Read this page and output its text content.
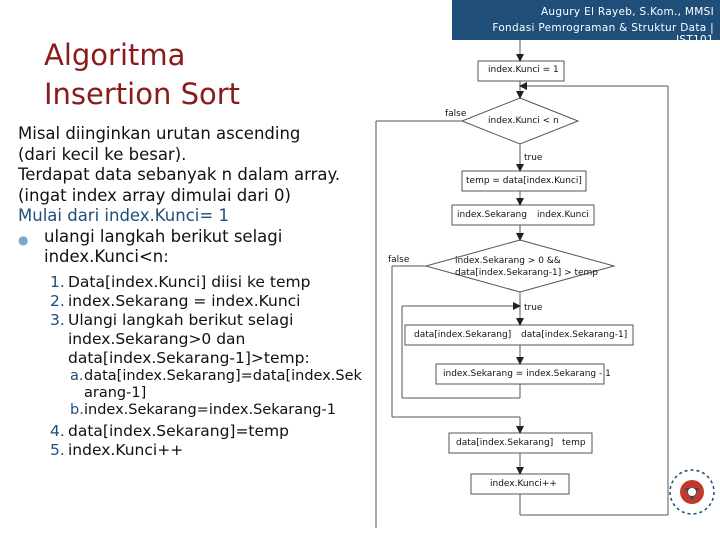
Augury El Rayeb, S.Kom., MMSI
Fondasi Pemrograman & Struktur Data | IST101
Algoritma
Insertion Sort
Misal diinginkan urutan ascending
(dari kecil ke besar).
Terdapat data sebanyak n dalam array.
(ingat index array dimulai dari 0)
Mulai dari index.Kunci= 1
● ulangi langkah berikut selagi
index.Kunci<n:
1. Data[index.Kunci] diisi ke temp
2. index.Sekarang = index.Kunci
3. Ulangi langkah berikut selagi
index.Sekarang>0 dan
data[index.Sekarang-1]>temp:
a. data[index.Sekarang]=data[index.Sek
arang-1]
b. index.Sekarang=index.Sekarang-1
4. data[index.Sekarang]=temp
5. index.Kunci++
index.Kunci = 1
index.Kunci < n
false
true
temp = data[index.Kunci]
index.Sekarang index.Kunci
index.Sekarang > 0 &&
data[index.Sekarang-1] > temp
false
true
data[index.Sekarang] data[index.Sekarang-1]
index.Sekarang = index.Sekarang - 1
data[index.Sekarang] temp
index.Kunci++
